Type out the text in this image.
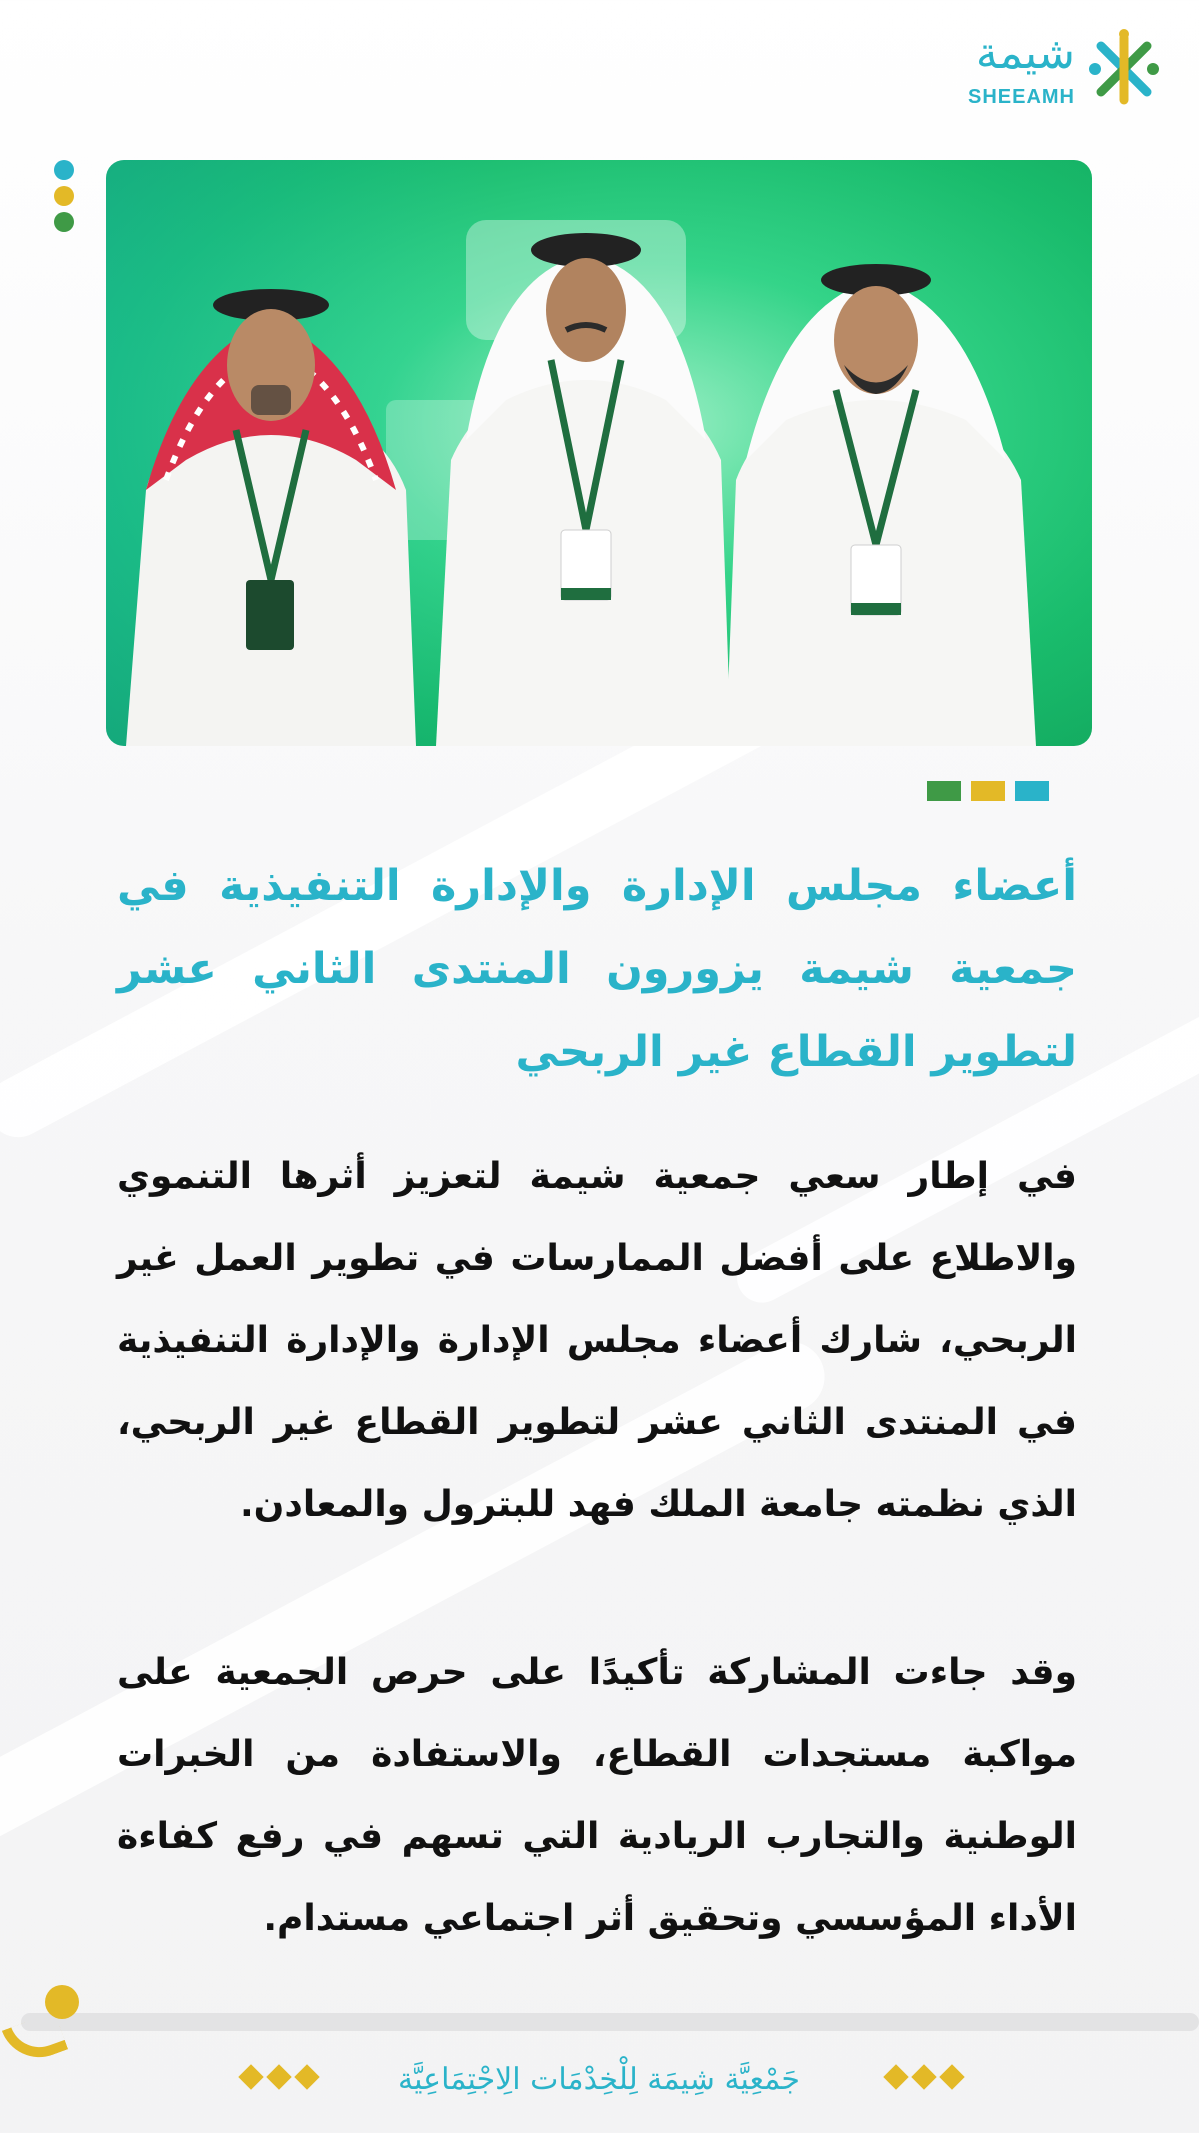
شيمة
SHEEAMH
أعضاء مجلس الإدارة والإدارة التنفيذية في جمعية شيمة يزورون المنتدى الثاني عشر لتطوير القطاع غير الربحي

في إطار سعي جمعية شيمة لتعزيز أثرها التنموي والاطلاع على أفضل الممارسات في تطوير العمل غير الربحي، شارك أعضاء مجلس الإدارة والإدارة التنفيذية في المنتدى الثاني عشر لتطوير القطاع غير الربحي، الذي نظمته جامعة الملك فهد للبترول والمعادن.

وقد جاءت المشاركة تأكيدًا على حرص الجمعية على مواكبة مستجدات القطاع، والاستفادة من الخبرات الوطنية والتجارب الريادية التي تسهم في رفع كفاءة الأداء المؤسسي وتحقيق أثر اجتماعي مستدام.

جَمْعِيَّة شِيمَة لِلْخِدْمَات الِاجْتِمَاعِيَّة
